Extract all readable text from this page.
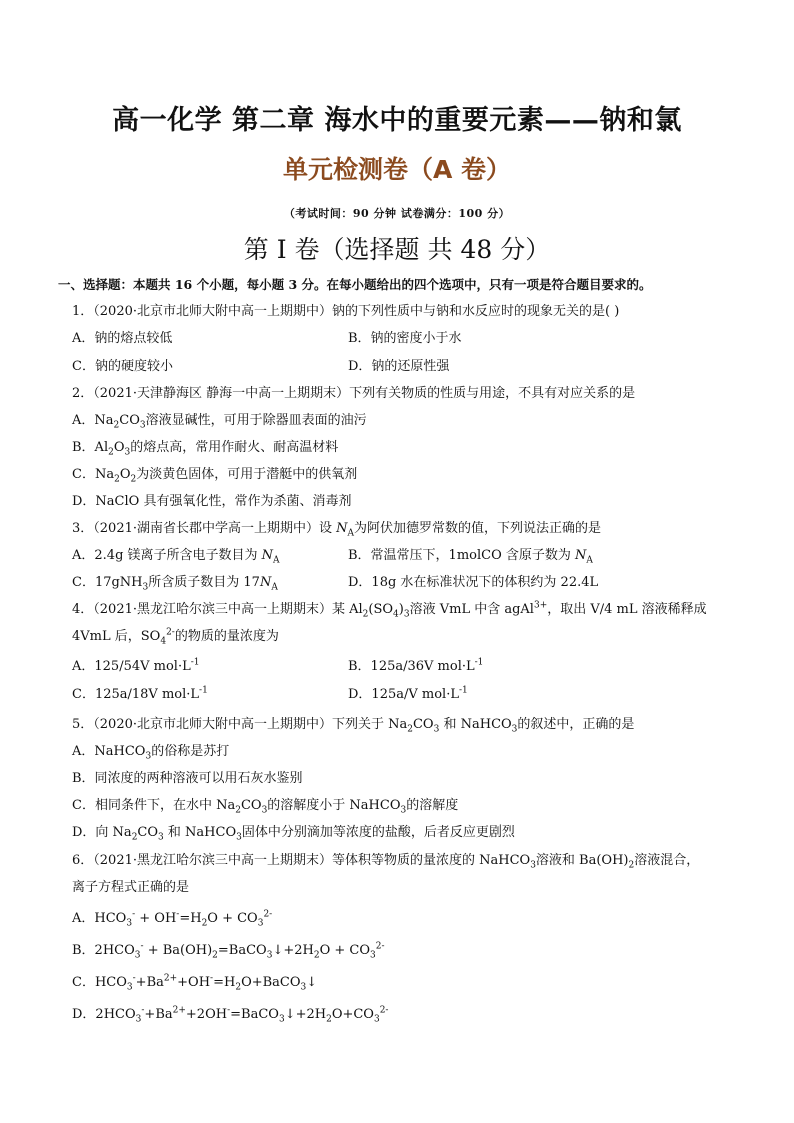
高一化学 第二章 海水中的重要元素——钠和氯
单元检测卷（A 卷）
（考试时间：90 分钟 试卷满分：100 分）
第 I 卷（选择题 共 48 分）
一、选择题：本题共 16 个小题，每小题 3 分。在每小题给出的四个选项中，只有一项是符合题目要求的。
1．（2020·北京市北师大附中高一上期期中）钠的下列性质中与钠和水反应时的现象无关的是( )
A．钠的熔点较低	B．钠的密度小于水
C．钠的硬度较小	D．钠的还原性强
2．（2021·天津静海区 静海一中高一上期期末）下列有关物质的性质与用途，不具有对应关系的是
A．$Na_2CO_3$溶液显碱性，可用于除器皿表面的油污
B．$Al_2O_3$的熔点高，常用作耐火、耐高温材料
C．$Na_2O_2$为淡黄色固体，可用于潜艇中的供氧剂
D．NaClO 具有强氧化性，常作为杀菌、消毒剂
3．（2021·湖南省长郡中学高一上期期中）设 $N_A$为阿伏加德罗常数的值，下列说法正确的是
A．2.4g 镁离子所含电子数目为 $N_A$	B．常温常压下，1molCO 含原子数为 $N_A$
C．17gNH$_3$所含质子数目为 $17N_A$	D．18g 水在标准状况下的体积约为 22.4L
4．（2021·黑龙江哈尔滨三中高一上期期末）某 $Al_2(SO_4)_3$溶液 VmL 中含 agAl$^{3+}$，取出 V/4 mL 溶液稀释成
4VmL 后，$SO_4^{2-}$的物质的量浓度为
A．125/54V $mol\cdot L^{-1}$	B．125a/36V $mol\cdot L^{-1}$
C．125a/18V $mol\cdot L^{-1}$	D．125a/V $mol\cdot L^{-1}$
5．（2020·北京市北师大附中高一上期期中）下列关于 $Na_2CO_3$ 和 NaHCO$_3$的叙述中，正确的是
A．NaHCO$_3$的俗称是苏打
B．同浓度的两种溶液可以用石灰水鉴别
C．相同条件下，在水中 $Na_2CO_3$的溶解度小于 NaHCO$_3$的溶解度
D．向 $Na_2CO_3$ 和 NaHCO$_3$固体中分别滴加等浓度的盐酸，后者反应更剧烈
6．（2021·黑龙江哈尔滨三中高一上期期末）等体积等物质的量浓度的 NaHCO$_3$溶液和 $Ba(OH)_2$溶液混合，
离子方程式正确的是
A．$HCO_3^- + OH^-=H_2O + CO_3^{2-}$
B．$2HCO_3^-$ + $Ba(OH)_2=BaCO_3↓+2H_2O + CO_3^{2-}$
C．$HCO_3^-+Ba^{2+}+OH^-=H_2O+BaCO_3↓$
D．$2HCO_3^-+Ba^{2+}+2OH^-=BaCO_3↓+2H_2O+CO_3^{2-}$
